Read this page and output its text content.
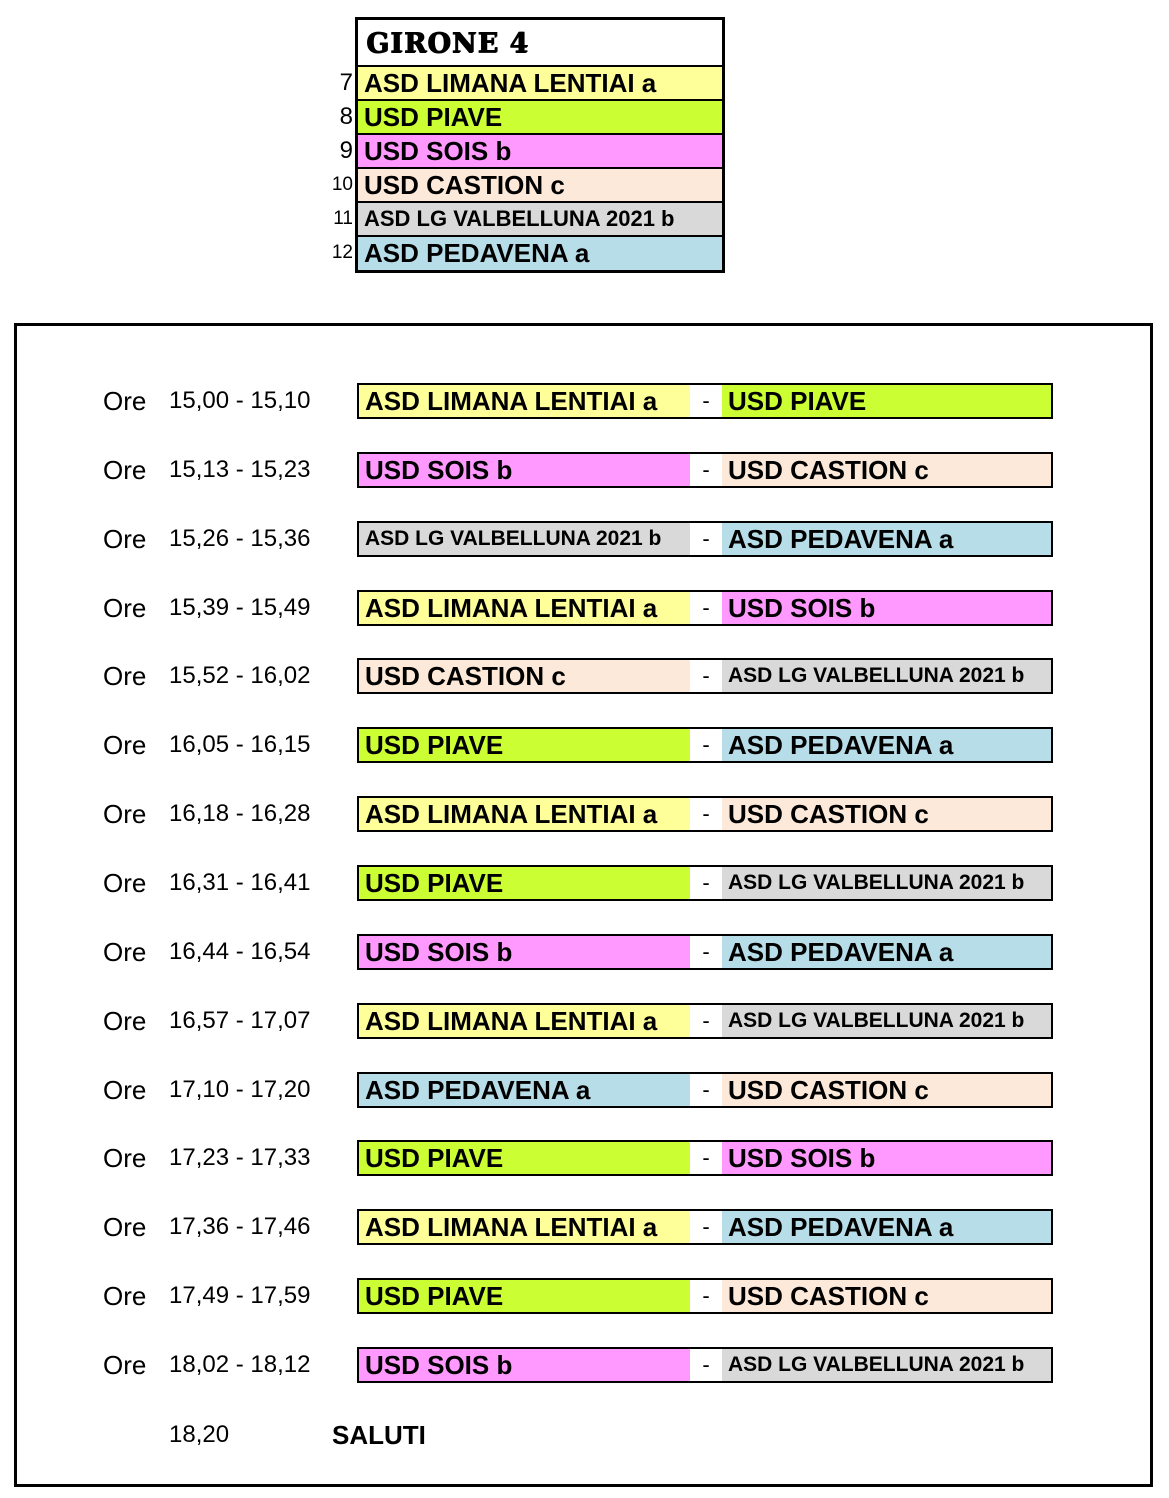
GIRONE 4
7 ASD LIMANA LENTIAI a
8 USD PIAVE
9 USD SOIS b
10 USD CASTION c
11 ASD LG VALBELLUNA 2021 b
12 ASD PEDAVENA a
Ore 15,00 - 15,10 ASD LIMANA LENTIAI a	- USD PIAVE
Ore 15,13 - 15,23 USD SOIS b	- USD CASTION c
Ore 15,26 - 15,36	ASD LG VALBELLUNA 2021 b	- ASD PEDAVENA a
Ore 15,39 - 15,49 ASD LIMANA LENTIAI a	- USD SOIS b
Ore 15,52 - 16,02 USD CASTION c	- ASD LG VALBELLUNA 2021 b
Ore 16,05 - 16,15 USD PIAVE	- ASD PEDAVENA a
Ore 16,18 - 16,28 ASD LIMANA LENTIAI a	- USD CASTION c
Ore 16,31 - 16,41 USD PIAVE	- ASD LG VALBELLUNA 2021 b
Ore 16,44 - 16,54 USD SOIS b	- ASD PEDAVENA a
Ore 16,57 - 17,07 ASD LIMANA LENTIAI a	- ASD LG VALBELLUNA 2021 b
Ore 17,10 - 17,20 ASD PEDAVENA a	- USD CASTION c
Ore 17,23 - 17,33 USD PIAVE	- USD SOIS b
Ore 17,36 - 17,46 ASD LIMANA LENTIAI a	- ASD PEDAVENA a
Ore 17,49 - 17,59 USD PIAVE	- USD CASTION c
Ore 18,02 - 18,12 USD SOIS b	- ASD LG VALBELLUNA 2021 b
18,20	SALUTI
